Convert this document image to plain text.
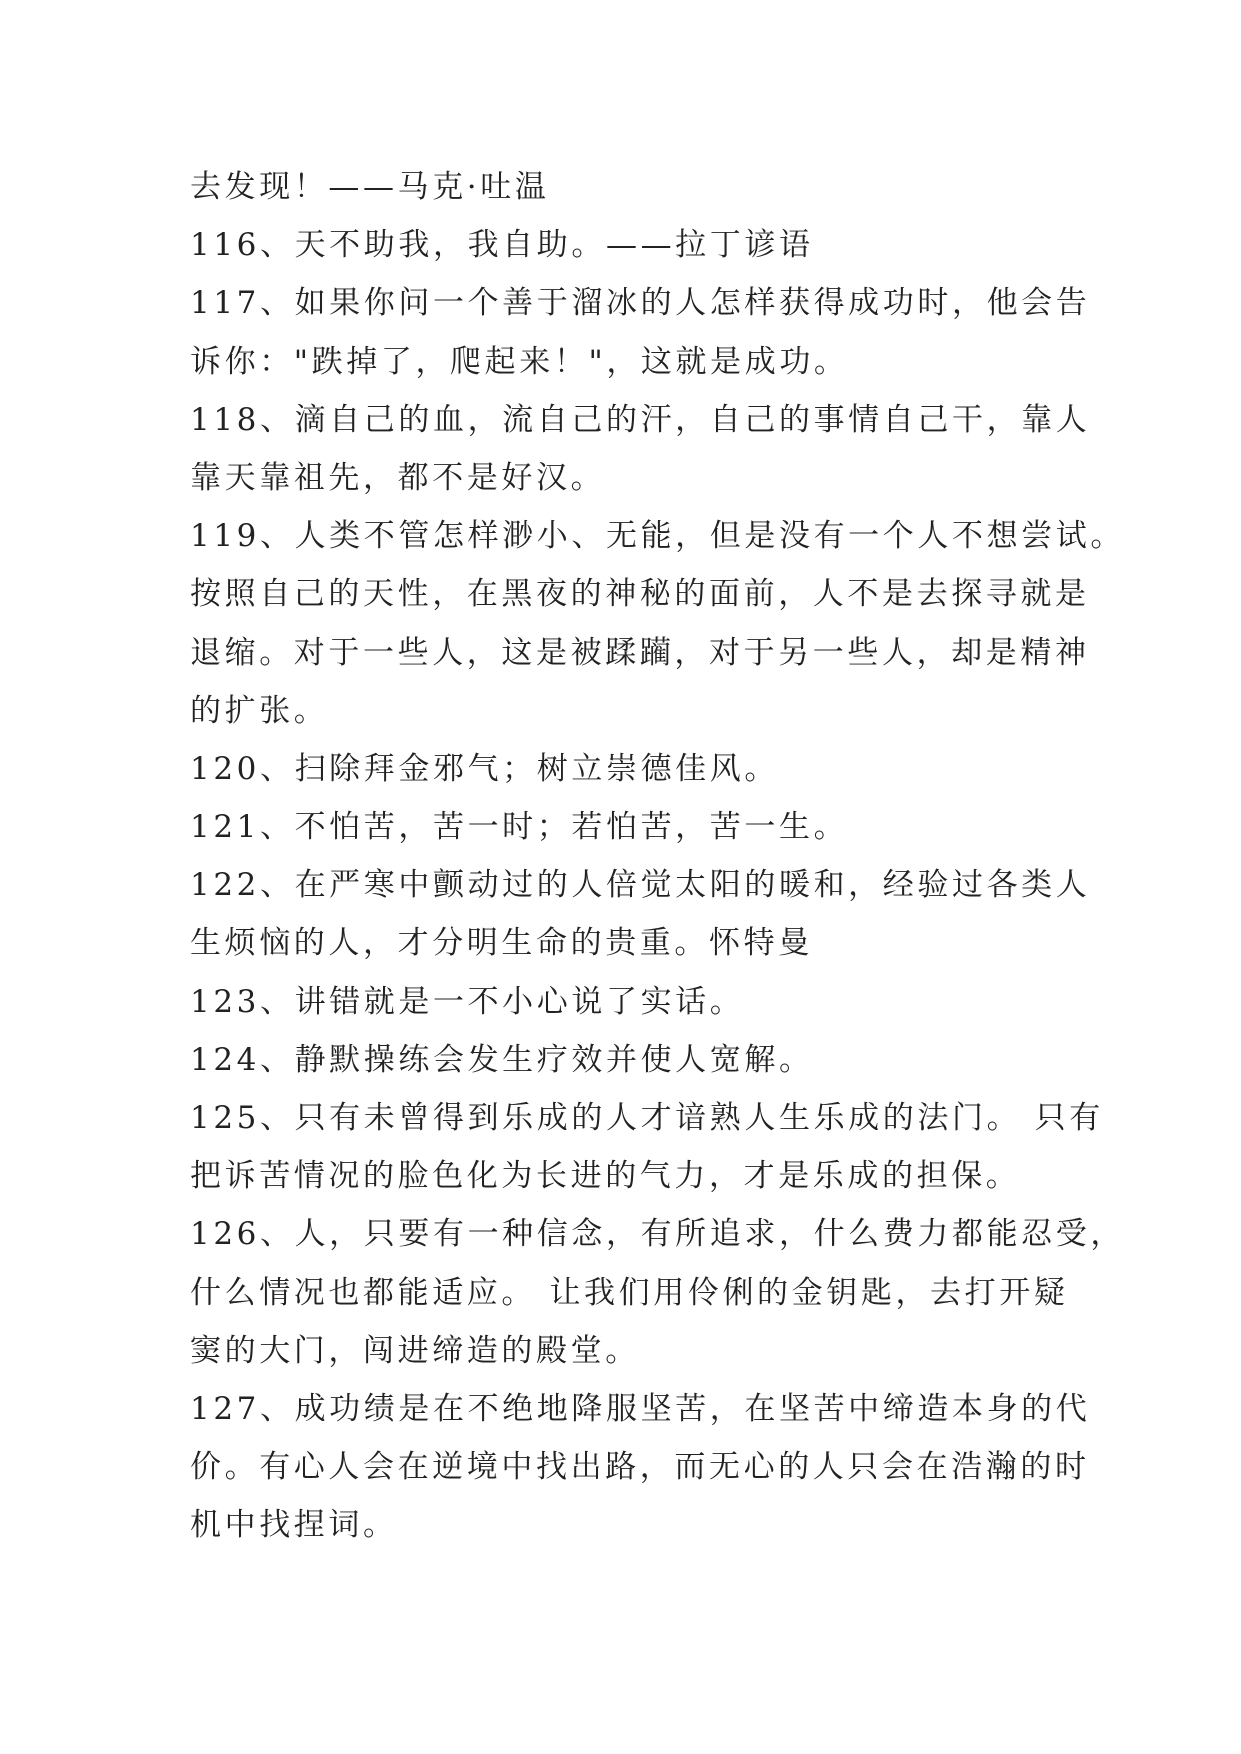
去发现！——马克·吐温
116、天不助我，我自助。——拉丁谚语
117、如果你问一个善于溜冰的人怎样获得成功时，他会告
诉你："跌掉了，爬起来！"，这就是成功。
118、滴自己的血，流自己的汗，自己的事情自己干，靠人
靠天靠祖先，都不是好汉。
119、人类不管怎样渺小、无能，但是没有一个人不想尝试。
按照自己的天性，在黑夜的神秘的面前，人不是去探寻就是
退缩。对于一些人，这是被蹂躏，对于另一些人，却是精神
的扩张。
120、扫除拜金邪气；树立崇德佳风。
121、不怕苦，苦一时；若怕苦，苦一生。
122、在严寒中颤动过的人倍觉太阳的暖和，经验过各类人
生烦恼的人，才分明生命的贵重。怀特曼
123、讲错就是一不小心说了实话。
124、静默操练会发生疗效并使人宽解。
125、只有未曾得到乐成的人才谙熟人生乐成的法门。 只有
把诉苦情况的脸色化为长进的气力，才是乐成的担保。
126、人，只要有一种信念，有所追求，什么费力都能忍受，
什么情况也都能适应。 让我们用伶俐的金钥匙，去打开疑
窦的大门，闯进缔造的殿堂。
127、成功绩是在不绝地降服坚苦，在坚苦中缔造本身的代
价。有心人会在逆境中找出路，而无心的人只会在浩瀚的时
机中找捏词。
